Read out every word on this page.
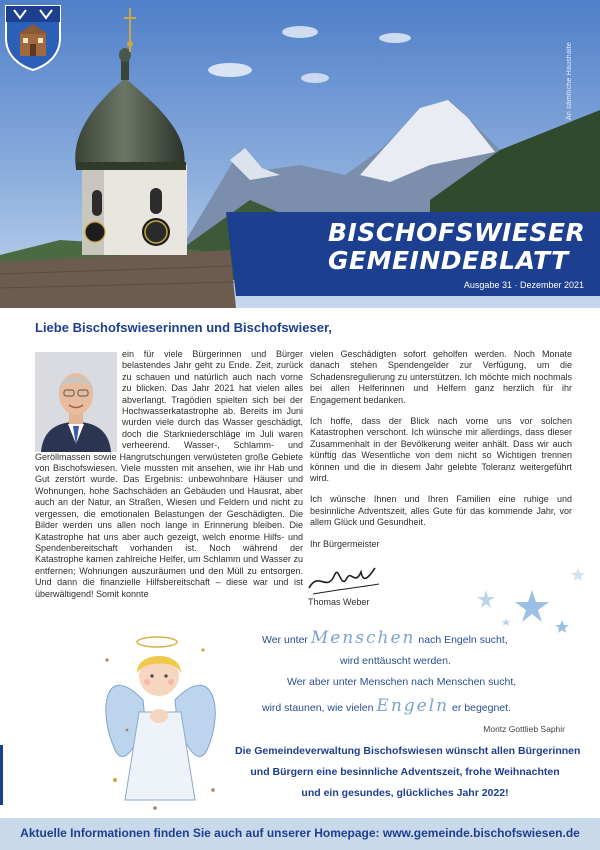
An sämtliche Haushalte
BISCHOFSWIESER
GEMEINDEBLATT
Ausgabe 31 · Dezember 2021
Liebe Bischofswieserinnen und Bischofswieser,
ein für viele Bürgerinnen und Bürger belastendes Jahr geht zu Ende. Zeit, zurück zu schauen und natürlich auch nach vorne zu blicken. Das Jahr 2021 hat vielen alles abverlangt. Tragödien spielten sich bei der Hochwasserkatastrophe ab. Bereits im Juni wurden viele durch das Wasser geschädigt, doch die Starkniederschläge im Juli waren verheerend. Wasser-, Schlamm- und Geröllmassen sowie Hangrutschungen verwüsteten große Gebiete von Bischofswiesen. Viele mussten mit ansehen, wie ihr Hab und Gut zerstört wurde. Das Ergebnis: unbewohnbare Häuser und Wohnungen, hohe Sachschäden an Gebäuden und Hausrat, aber auch an der Natur, an Straßen, Wiesen und Feldern und nicht zu vergessen, die emotionalen Belastungen der Geschädigten. Die Bilder werden uns allen noch lange in Erinnerung bleiben. Die Katastrophe hat uns aber auch gezeigt, welch enorme Hilfs- und Spendenbereitschaft vorhanden ist. Noch während der Katastrophe kamen zahlreiche Helfer, um Schlamm und Wasser zu entfernen; Wohnungen auszuräumen und den Müll zu entsorgen. Und dann die finanzielle Hilfsbereitschaft – diese war und ist überwältigend! Somit konnte

vielen Geschädigten sofort geholfen werden. Noch Monate danach stehen Spendengelder zur Verfügung, um die Schadensregulierung zu unterstützen. Ich möchte mich nochmals bei allen Helferinnen und Helfern ganz herzlich für ihr Engagement bedanken.

Ich hoffe, dass der Blick nach vorne uns vor solchen Katastrophen verschont. Ich wünsche mir allerdings, dass dieser Zusammenhalt in der Bevölkerung weiter anhält. Dass wir auch künftig das Wesentliche von dem nicht so Wichtigen trennen können und die in diesem Jahr gelebte Toleranz weitergeführt wird.

Ich wünsche Ihnen und Ihren Familien eine ruhige und besinnliche Adventszeit, alles Gute für das kommende Jahr, vor allem Glück und Gesundheit.

Ihr Bürgermeister

Thomas Weber
Wer unter Menschen nach Engeln sucht,
wird enttäuscht werden.
Wer aber unter Menschen nach Menschen sucht,
wird staunen, wie vielen Engeln er begegnet.
Moritz Gottlieb Saphir
Die Gemeindeverwaltung Bischofswiesen wünscht allen Bürgerinnen
und Bürgern eine besinnliche Adventszeit, frohe Weihnachten
und ein gesundes, glückliches Jahr 2022!
Aktuelle Informationen finden Sie auch auf unserer Homepage: www.gemeinde.bischofswiesen.de
